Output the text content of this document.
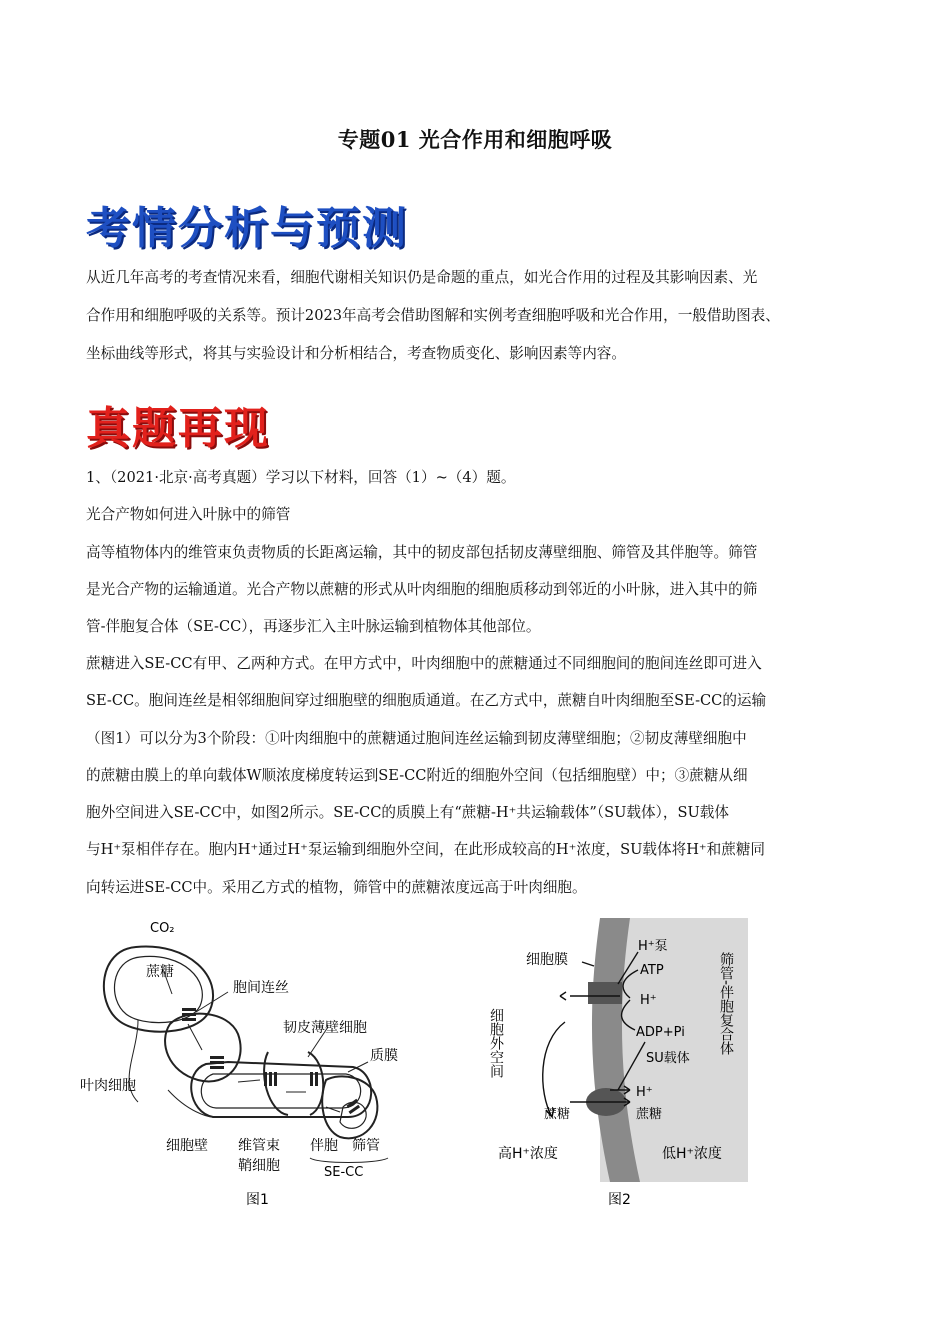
专题01 光合作用和细胞呼吸
考情分析与预测
从近几年高考的考查情况来看，细胞代谢相关知识仍是命题的重点，如光合作用的过程及其影响因素、光
合作用和细胞呼吸的关系等。预计2023年高考会借助图解和实例考查细胞呼吸和光合作用，一般借助图表、
坐标曲线等形式，将其与实验设计和分析相结合，考查物质变化、影响因素等内容。
真题再现
1、（2021·北京·高考真题）学习以下材料，回答（1）~（4）题。
光合产物如何进入叶脉中的筛管
高等植物体内的维管束负责物质的长距离运输，其中的韧皮部包括韧皮薄壁细胞、筛管及其伴胞等。筛管
是光合产物的运输通道。光合产物以蔗糖的形式从叶肉细胞的细胞质移动到邻近的小叶脉，进入其中的筛
管-伴胞复合体（SE-CC），再逐步汇入主叶脉运输到植物体其他部位。
蔗糖进入SE-CC有甲、乙两种方式。在甲方式中，叶肉细胞中的蔗糖通过不同细胞间的胞间连丝即可进入
SE-CC。胞间连丝是相邻细胞间穿过细胞壁的细胞质通道。在乙方式中，蔗糖自叶肉细胞至SE-CC的运输
（图1）可以分为3个阶段：①叶肉细胞中的蔗糖通过胞间连丝运输到韧皮薄壁细胞；②韧皮薄壁细胞中
的蔗糖由膜上的单向载体W顺浓度梯度转运到SE-CC附近的细胞外空间（包括细胞壁）中；③蔗糖从细
胞外空间进入SE-CC中，如图2所示。SE-CC的质膜上有“蔗糖-H⁺共运输载体”（SU载体），SU载体
与H⁺泵相伴存在。胞内H⁺通过H⁺泵运输到细胞外空间，在此形成较高的H⁺浓度，SU载体将H⁺和蔗糖同
向转运进SE-CC中。采用乙方式的植物，筛管中的蔗糖浓度远高于叶肉细胞。
CO₂
蔗糖
胞间连丝
韧皮薄壁细胞
质膜
叶肉细胞
细胞壁 维管束
鞘细胞
伴胞 筛管
SE-CC
图1
细胞膜
H⁺泵
ATP
H⁺
ADP+Pi
SU载体
H⁺
蔗糖
蔗糖
高H⁺浓度	低H⁺浓度
细胞外空间	筛管-伴胞复合体
图2
